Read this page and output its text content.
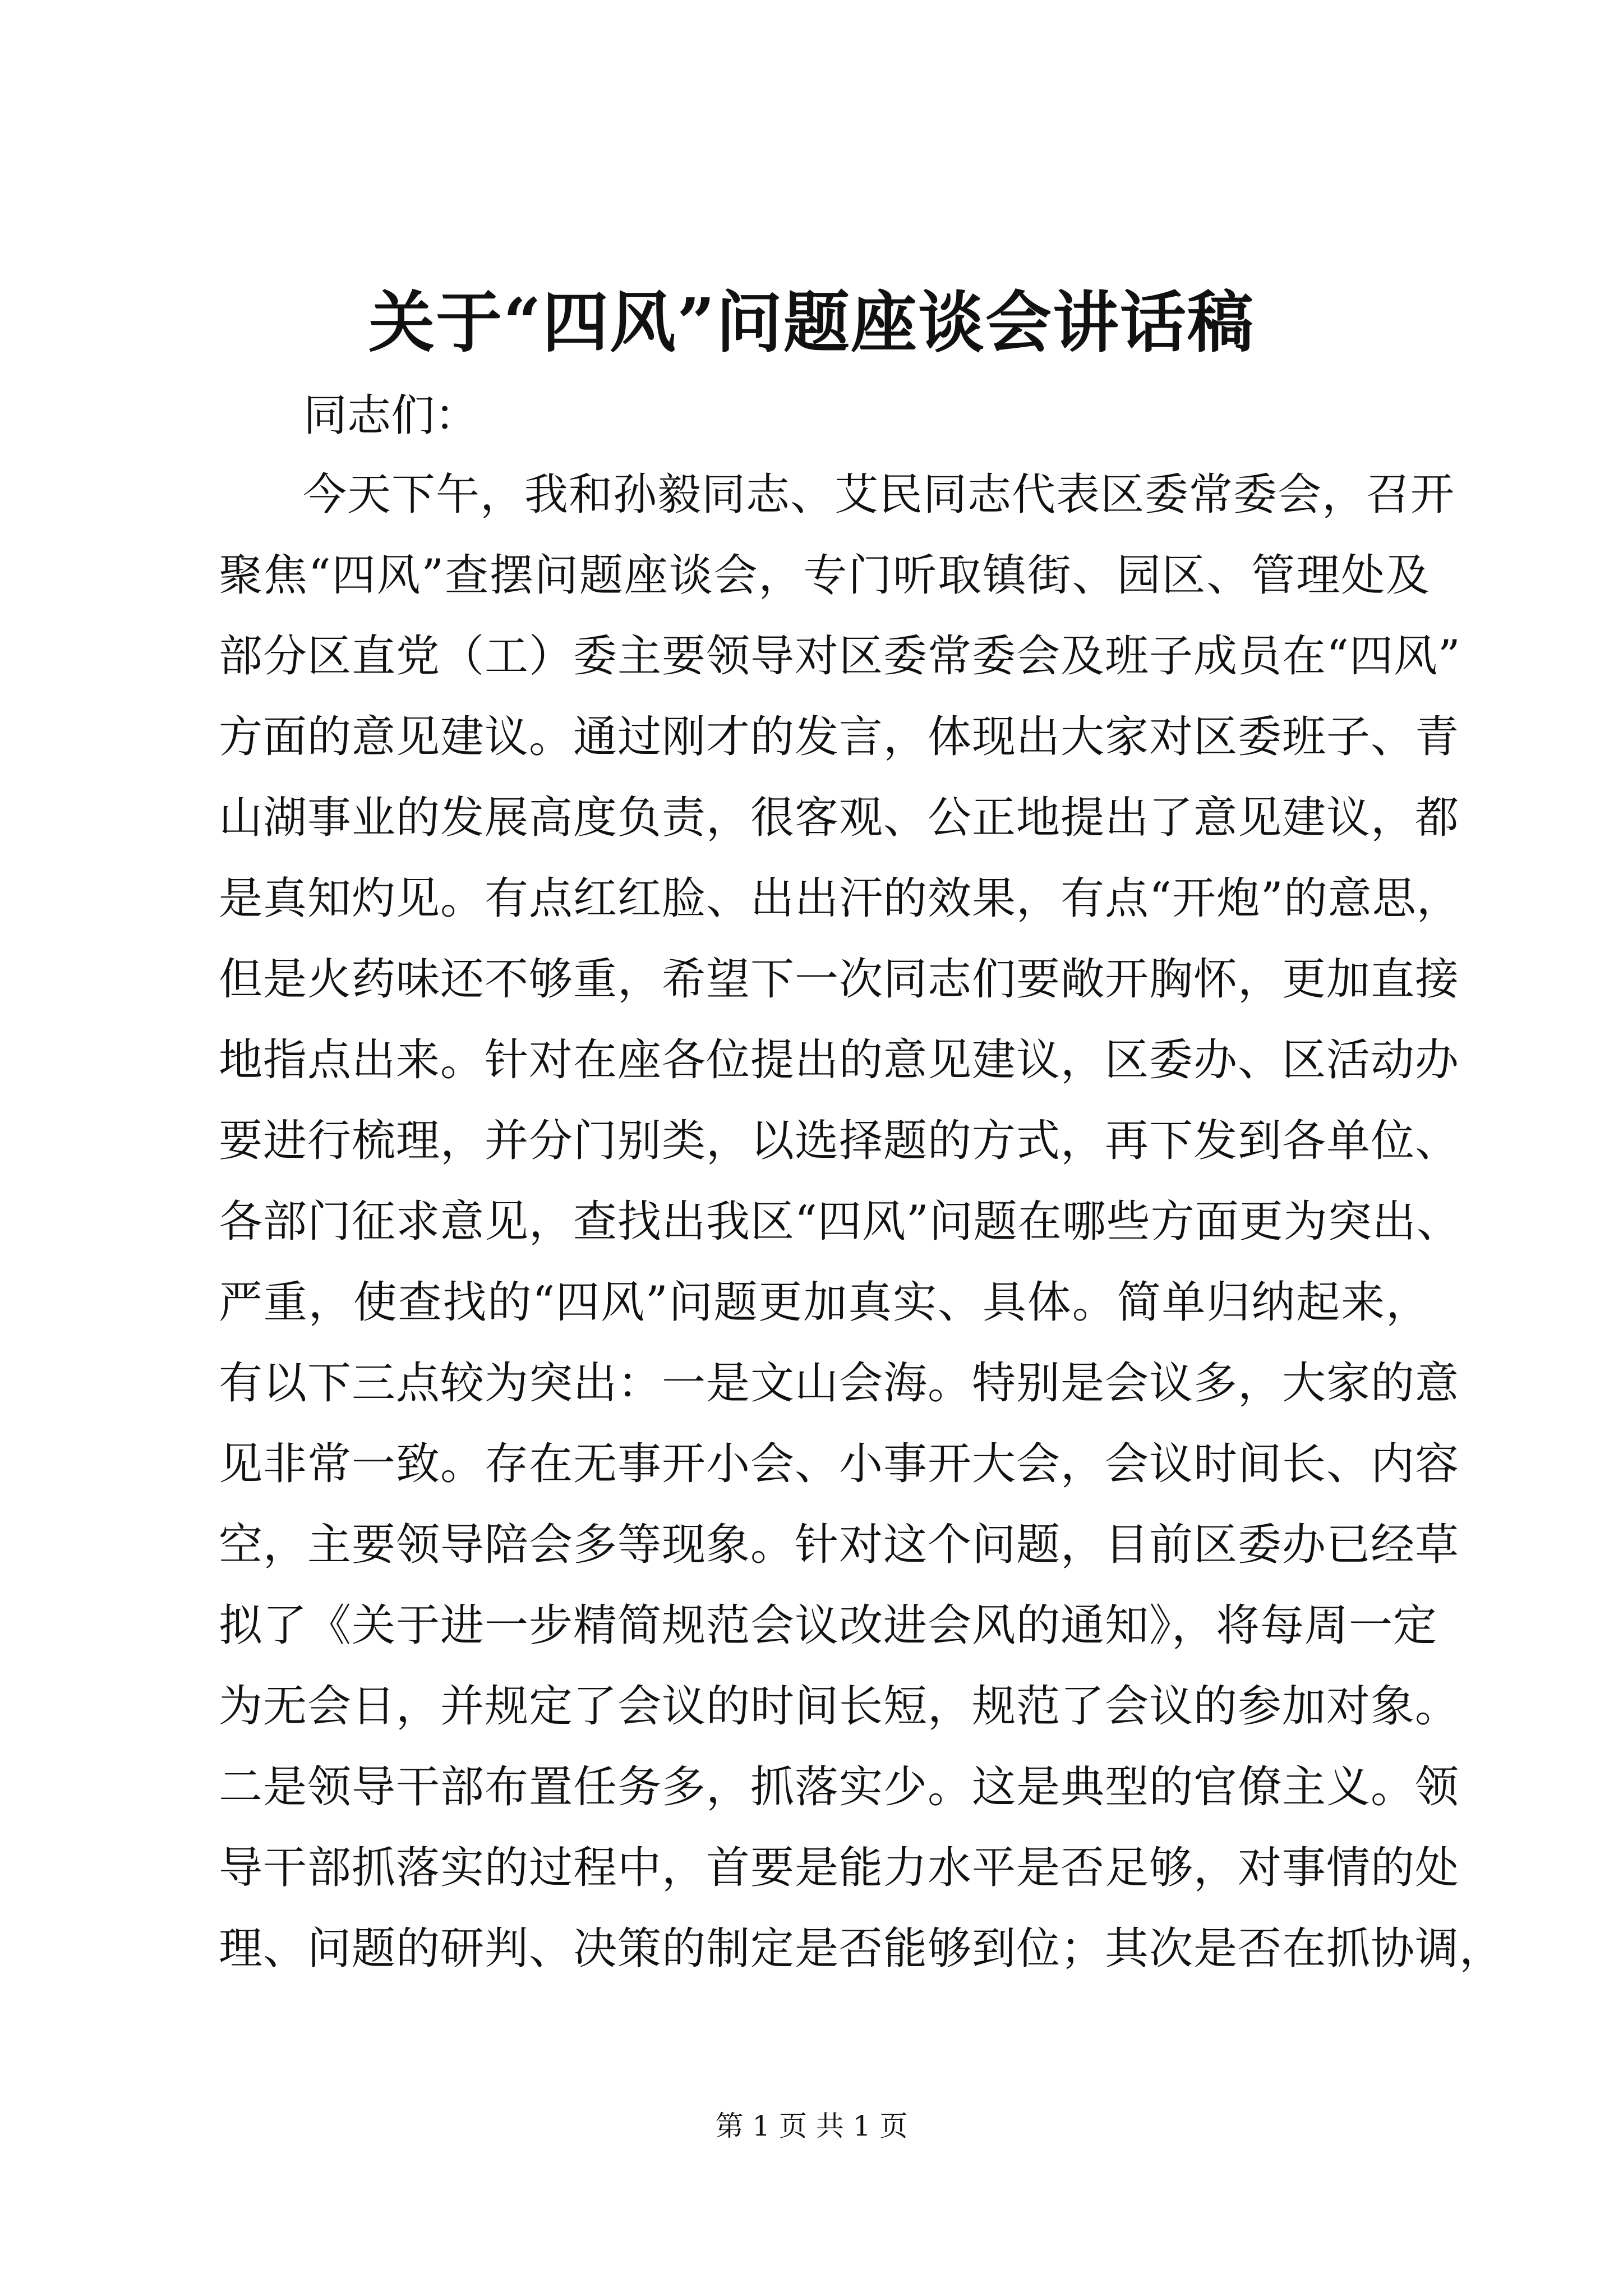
关于“四风”问题座谈会讲话稿
同志们：
今天下午，我和孙毅同志、艾民同志代表区委常委会，召开
聚焦“四风”查摆问题座谈会，专门听取镇街、园区、管理处及
部分区直党（工）委主要领导对区委常委会及班子成员在“四风”
方面的意见建议。通过刚才的发言，体现出大家对区委班子、青
山湖事业的发展高度负责，很客观、公正地提出了意见建议，都
是真知灼见。有点红红脸、出出汗的效果，有点“开炮”的意思，
但是火药味还不够重，希望下一次同志们要敞开胸怀，更加直接
地指点出来。针对在座各位提出的意见建议，区委办、区活动办
要进行梳理，并分门别类，以选择题的方式，再下发到各单位、
各部门征求意见，查找出我区“四风”问题在哪些方面更为突出、
严重，使查找的“四风”问题更加真实、具体。简单归纳起来，
有以下三点较为突出：一是文山会海。特别是会议多，大家的意
见非常一致。存在无事开小会、小事开大会，会议时间长、内容
空，主要领导陪会多等现象。针对这个问题，目前区委办已经草
拟了《关于进一步精简规范会议改进会风的通知》，将每周一定
为无会日，并规定了会议的时间长短，规范了会议的参加对象。
二是领导干部布置任务多，抓落实少。这是典型的官僚主义。领
导干部抓落实的过程中，首要是能力水平是否足够，对事情的处
理、问题的研判、决策的制定是否能够到位；其次是否在抓协调，
第 1 页 共 1 页
